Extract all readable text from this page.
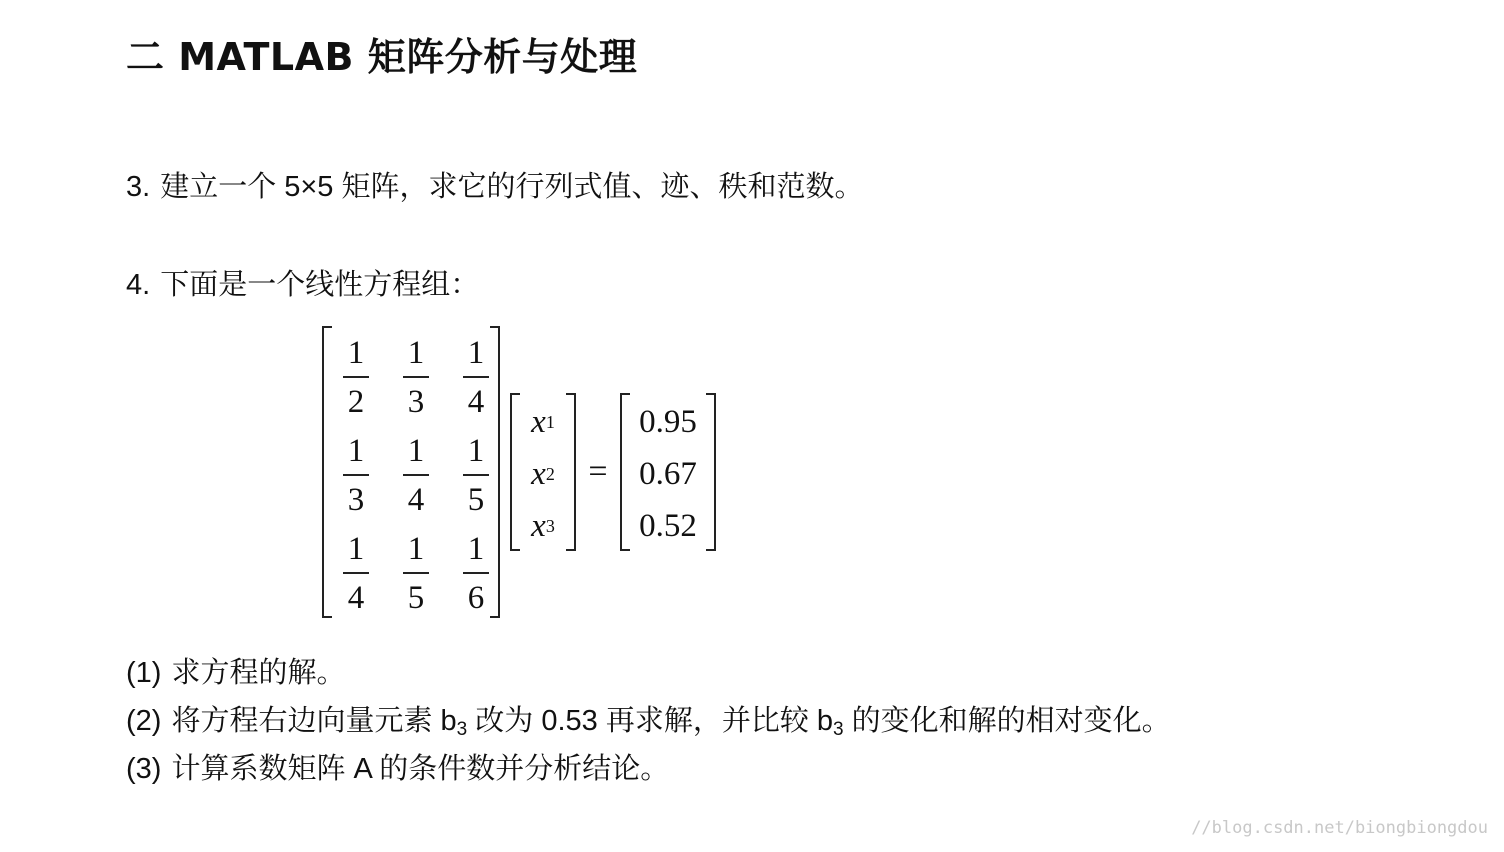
二 MATLAB 矩阵分析与处理
3. 建立一个 5×5 矩阵，求它的行列式值、迹、秩和范数。
4. 下面是一个线性方程组：
$\frac{1}{2} \frac{1}{3} \frac{1}{4}$
$\frac{1}{3} \frac{1}{4} \frac{1}{5}$
$\frac{1}{4} \frac{1}{5} \frac{1}{6}$
x 1
x 2
x 3
=
0.95
0.67
0.52
(1) 求方程的解。
(2) 将方程右边向量元素 $b_3$ 改为 0.53 再求解，并比较 $b_3$ 的变化和解的相对变化。
(3) 计算系数矩阵 A 的条件数并分析结论。
//blog.csdn.net/biongbiongdou
